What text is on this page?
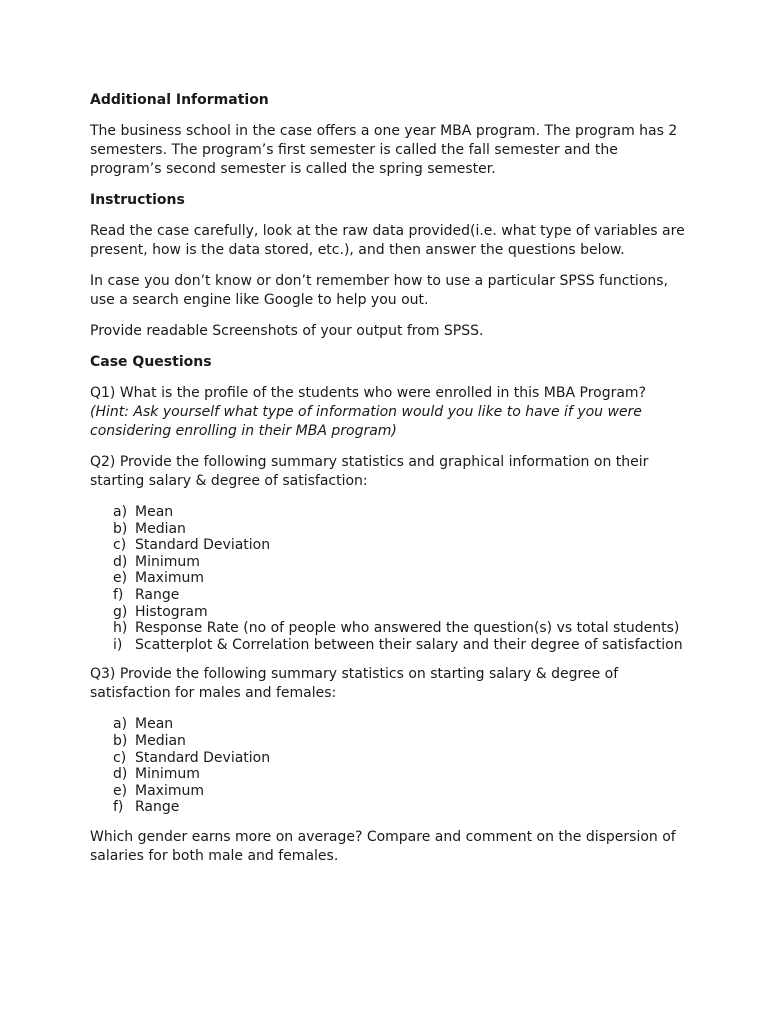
Additional Information

The business school in the case offers a one year MBA program. The program has 2 semesters. The program’s first semester is called the fall semester and the program’s second semester is called the spring semester.

Instructions

Read the case carefully, look at the raw data provided(i.e. what type of variables are present, how is the data stored, etc.), and then answer the questions below.

In case you don’t know or don’t remember how to use a particular SPSS functions, use a search engine like Google to help you out.

Provide readable Screenshots of your output from SPSS.

Case Questions

Q1) What is the profile of the students who were enrolled in this MBA Program?
(Hint: Ask yourself what type of information would you like to have if you were considering enrolling in their MBA program)

Q2) Provide the following summary statistics and graphical information on their starting salary & degree of satisfaction:

a) Mean
b) Median
c) Standard Deviation
d) Minimum
e) Maximum
f) Range
g) Histogram
h) Response Rate (no of people who answered the question(s) vs total students)
i) Scatterplot & Correlation between their salary and their degree of satisfaction

Q3) Provide the following summary statistics on starting salary & degree of satisfaction for males and females:

a) Mean
b) Median
c) Standard Deviation
d) Minimum
e) Maximum
f) Range

Which gender earns more on average? Compare and comment on the dispersion of salaries for both male and females.
